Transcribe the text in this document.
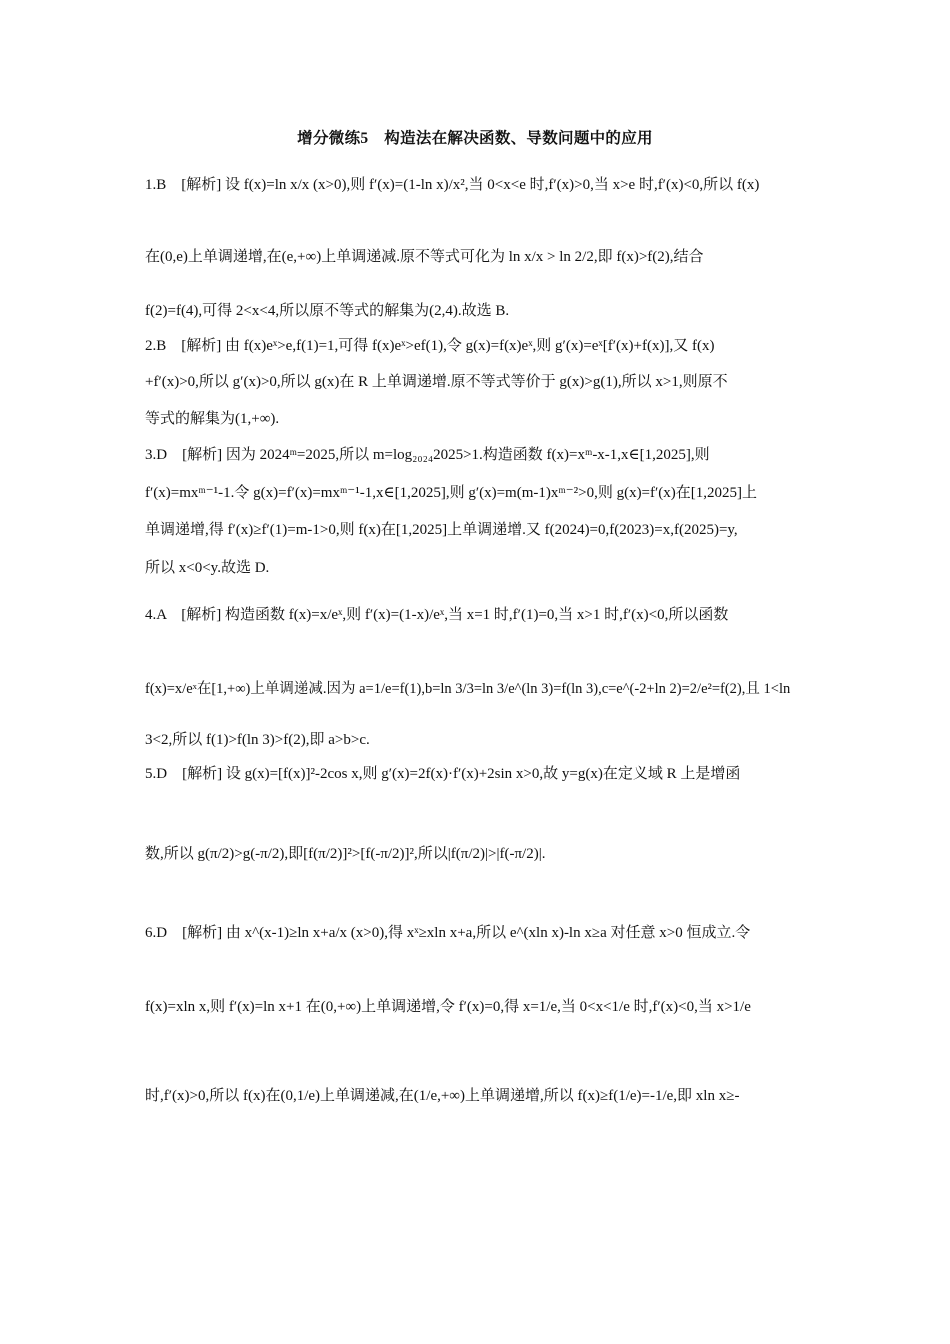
增分微练5　构造法在解决函数、导数问题中的应用
1.B　[解析] 设 f(x)=ln x/x (x>0),则 f′(x)=(1-ln x)/x²,当 0<x<e 时,f′(x)>0,当 x>e 时,f′(x)<0,所以 f(x)
在(0,e)上单调递增,在(e,+∞)上单调递减.原不等式可化为 ln x/x > ln 2/2,即 f(x)>f(2),结合
f(2)=f(4),可得 2<x<4,所以原不等式的解集为(2,4).故选 B.
2.B　[解析] 由 f(x)eˣ>e,f(1)=1,可得 f(x)eˣ>ef(1),令 g(x)=f(x)eˣ,则 g′(x)=eˣ[f′(x)+f(x)],又 f(x)
+f′(x)>0,所以 g′(x)>0,所以 g(x)在 R 上单调递增.原不等式等价于 g(x)>g(1),所以 x>1,则原不
等式的解集为(1,+∞).
3.D　[解析] 因为 2024ᵐ=2025,所以 m=log₂₀₂₄2025>1.构造函数 f(x)=xᵐ-x-1,x∈[1,2025],则
f′(x)=mxᵐ⁻¹-1.令 g(x)=f′(x)=mxᵐ⁻¹-1,x∈[1,2025],则 g′(x)=m(m-1)xᵐ⁻²>0,则 g(x)=f′(x)在[1,2025]上
单调递增,得 f′(x)≥f′(1)=m-1>0,则 f(x)在[1,2025]上单调递增.又 f(2024)=0,f(2023)=x,f(2025)=y,
所以 x<0<y.故选 D.
4.A　[解析] 构造函数 f(x)=x/eˣ,则 f′(x)=(1-x)/eˣ,当 x=1 时,f′(1)=0,当 x>1 时,f′(x)<0,所以函数
f(x)=x/eˣ在[1,+∞)上单调递减.因为 a=1/e=f(1),b=ln 3/3=ln 3/e^(ln 3)=f(ln 3),c=e^(-2+ln 2)=2/e²=f(2),且 1<ln
3<2,所以 f(1)>f(ln 3)>f(2),即 a>b>c.
5.D　[解析] 设 g(x)=[f(x)]²-2cos x,则 g′(x)=2f(x)·f′(x)+2sin x>0,故 y=g(x)在定义域 R 上是增函
数,所以 g(π/2)>g(-π/2),即[f(π/2)]²>[f(-π/2)]²,所以|f(π/2)|>|f(-π/2)|.
6.D　[解析] 由 x^(x-1)≥ln x+a/x (x>0),得 xˣ≥xln x+a,所以 e^(xln x)-ln x≥a 对任意 x>0 恒成立.令
f(x)=xln x,则 f′(x)=ln x+1 在(0,+∞)上单调递增,令 f′(x)=0,得 x=1/e,当 0<x<1/e 时,f′(x)<0,当 x>1/e
时,f′(x)>0,所以 f(x)在(0,1/e)上单调递减,在(1/e,+∞)上单调递增,所以 f(x)≥f(1/e)=-1/e,即 xln x≥-
